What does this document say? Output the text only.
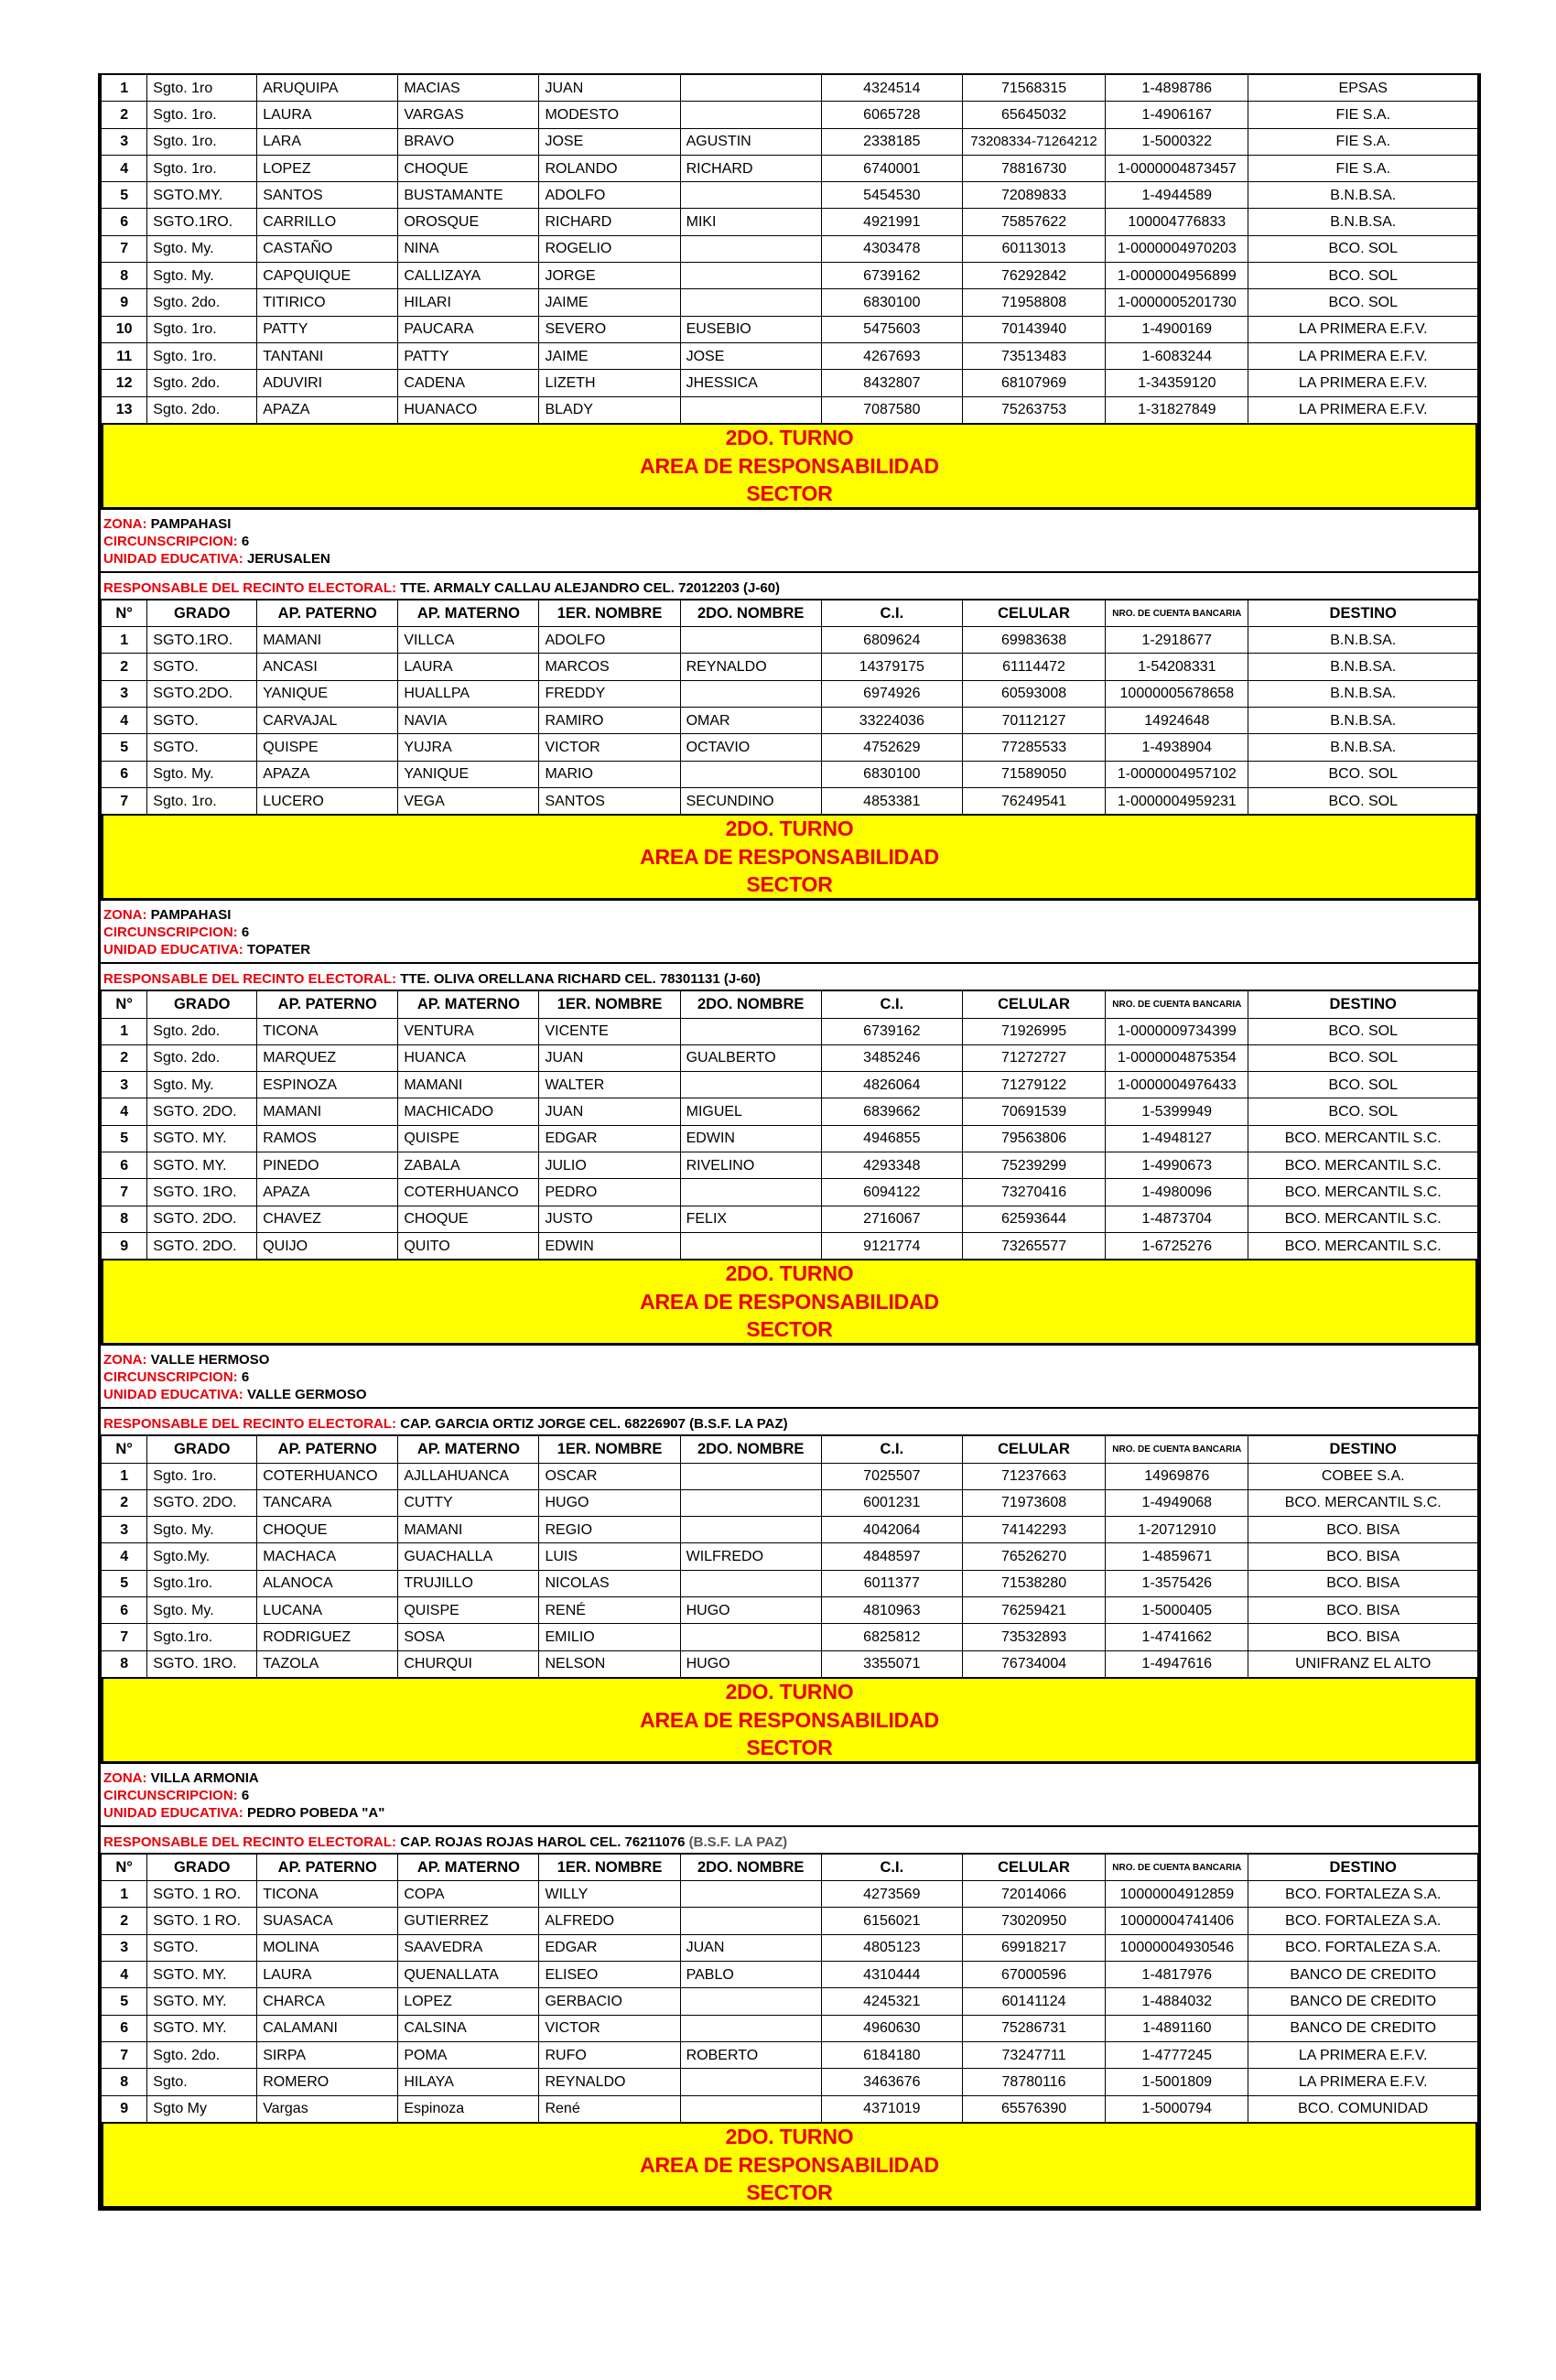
1	Sgto. 1ro	ARUQUIPA	MACIAS	JUAN		4324514	71568315	1-4898786	EPSAS
2	Sgto. 1ro.	LAURA	VARGAS	MODESTO		6065728	65645032	1-4906167	FIE S.A.
3	Sgto. 1ro.	LARA	BRAVO	JOSE	AGUSTIN	2338185	73208334-71264212	1-5000322	FIE S.A.
4	Sgto. 1ro.	LOPEZ	CHOQUE	ROLANDO	RICHARD	6740001	78816730	1-0000004873457	FIE S.A.
5	SGTO.MY.	SANTOS	BUSTAMANTE	ADOLFO		5454530	72089833	1-4944589	B.N.B.SA.
6	SGTO.1RO.	CARRILLO	OROSQUE	RICHARD	MIKI	4921991	75857622	100004776833	B.N.B.SA.
7	Sgto. My.	CASTAÑO	NINA	ROGELIO		4303478	60113013	1-0000004970203	BCO. SOL
8	Sgto. My.	CAPQUIQUE	CALLIZAYA	JORGE		6739162	76292842	1-0000004956899	BCO. SOL
9	Sgto. 2do.	TITIRICO	HILARI	JAIME		6830100	71958808	1-0000005201730	BCO. SOL
10	Sgto. 1ro.	PATTY	PAUCARA	SEVERO	EUSEBIO	5475603	70143940	1-4900169	LA PRIMERA E.F.V.
11	Sgto. 1ro.	TANTANI	PATTY	JAIME	JOSE	4267693	73513483	1-6083244	LA PRIMERA E.F.V.
12	Sgto. 2do.	ADUVIRI	CADENA	LIZETH	JHESSICA	8432807	68107969	1-34359120	LA PRIMERA E.F.V.
13	Sgto. 2do.	APAZA	HUANACO	BLADY		7087580	75263753	1-31827849	LA PRIMERA E.F.V.
2DO. TURNO
AREA DE RESPONSABILIDAD
SECTOR
ZONA: PAMPAHASI
CIRCUNSCRIPCION: 6
UNIDAD EDUCATIVA: JERUSALEN
RESPONSABLE DEL RECINTO ELECTORAL: TTE. ARMALY CALLAU ALEJANDRO CEL. 72012203 (J-60)
N°	GRADO	AP. PATERNO	AP. MATERNO	1ER. NOMBRE	2DO. NOMBRE	C.I.	CELULAR	NRO. DE CUENTA BANCARIA	DESTINO
1	SGTO.1RO.	MAMANI	VILLCA	ADOLFO		6809624	69983638	1-2918677	B.N.B.SA.
2	SGTO.	ANCASI	LAURA	MARCOS	REYNALDO	14379175	61114472	1-54208331	B.N.B.SA.
3	SGTO.2DO.	YANIQUE	HUALLPA	FREDDY		6974926	60593008	10000005678658	B.N.B.SA.
4	SGTO.	CARVAJAL	NAVIA	RAMIRO	OMAR	33224036	70112127	14924648	B.N.B.SA.
5	SGTO.	QUISPE	YUJRA	VICTOR	OCTAVIO	4752629	77285533	1-4938904	B.N.B.SA.
6	Sgto. My.	APAZA	YANIQUE	MARIO		6830100	71589050	1-0000004957102	BCO. SOL
7	Sgto. 1ro.	LUCERO	VEGA	SANTOS	SECUNDINO	4853381	76249541	1-0000004959231	BCO. SOL
2DO. TURNO
AREA DE RESPONSABILIDAD
SECTOR
ZONA: PAMPAHASI
CIRCUNSCRIPCION: 6
UNIDAD EDUCATIVA: TOPATER
RESPONSABLE DEL RECINTO ELECTORAL: TTE. OLIVA ORELLANA RICHARD CEL. 78301131 (J-60)
N°	GRADO	AP. PATERNO	AP. MATERNO	1ER. NOMBRE	2DO. NOMBRE	C.I.	CELULAR	NRO. DE CUENTA BANCARIA	DESTINO
1	Sgto. 2do.	TICONA	VENTURA	VICENTE		6739162	71926995	1-0000009734399	BCO. SOL
2	Sgto. 2do.	MARQUEZ	HUANCA	JUAN	GUALBERTO	3485246	71272727	1-0000004875354	BCO. SOL
3	Sgto. My.	ESPINOZA	MAMANI	WALTER		4826064	71279122	1-0000004976433	BCO. SOL
4	SGTO. 2DO.	MAMANI	MACHICADO	JUAN	MIGUEL	6839662	70691539	1-5399949	BCO. SOL
5	SGTO. MY.	RAMOS	QUISPE	EDGAR	EDWIN	4946855	79563806	1-4948127	BCO. MERCANTIL S.C.
6	SGTO. MY.	PINEDO	ZABALA	JULIO	RIVELINO	4293348	75239299	1-4990673	BCO. MERCANTIL S.C.
7	SGTO. 1RO.	APAZA	COTERHUANCO	PEDRO		6094122	73270416	1-4980096	BCO. MERCANTIL S.C.
8	SGTO. 2DO.	CHAVEZ	CHOQUE	JUSTO	FELIX	2716067	62593644	1-4873704	BCO. MERCANTIL S.C.
9	SGTO. 2DO.	QUIJO	QUITO	EDWIN		9121774	73265577	1-6725276	BCO. MERCANTIL S.C.
2DO. TURNO
AREA DE RESPONSABILIDAD
SECTOR
ZONA: VALLE HERMOSO
CIRCUNSCRIPCION: 6
UNIDAD EDUCATIVA: VALLE GERMOSO
RESPONSABLE DEL RECINTO ELECTORAL: CAP. GARCIA ORTIZ JORGE CEL. 68226907 (B.S.F. LA PAZ)
N°	GRADO	AP. PATERNO	AP. MATERNO	1ER. NOMBRE	2DO. NOMBRE	C.I.	CELULAR	NRO. DE CUENTA BANCARIA	DESTINO
1	Sgto. 1ro.	COTERHUANCO	AJLLAHUANCA	OSCAR		7025507	71237663	14969876	COBEE S.A.
2	SGTO. 2DO.	TANCARA	CUTTY	HUGO		6001231	71973608	1-4949068	BCO. MERCANTIL S.C.
3	Sgto. My.	CHOQUE	MAMANI	REGIO		4042064	74142293	1-20712910	BCO. BISA
4	Sgto.My.	MACHACA	GUACHALLA	LUIS	WILFREDO	4848597	76526270	1-4859671	BCO. BISA
5	Sgto.1ro.	ALANOCA	TRUJILLO	NICOLAS		6011377	71538280	1-3575426	BCO. BISA
6	Sgto. My.	LUCANA	QUISPE	RENÉ	HUGO	4810963	76259421	1-5000405	BCO. BISA
7	Sgto.1ro.	RODRIGUEZ	SOSA	EMILIO		6825812	73532893	1-4741662	BCO. BISA
8	SGTO. 1RO.	TAZOLA	CHURQUI	NELSON	HUGO	3355071	76734004	1-4947616	UNIFRANZ EL ALTO
2DO. TURNO
AREA DE RESPONSABILIDAD
SECTOR
ZONA: VILLA ARMONIA
CIRCUNSCRIPCION: 6
UNIDAD EDUCATIVA: PEDRO POBEDA "A"
RESPONSABLE DEL RECINTO ELECTORAL: CAP. ROJAS ROJAS HAROL CEL. 76211076 (B.S.F. LA PAZ)
N°	GRADO	AP. PATERNO	AP. MATERNO	1ER. NOMBRE	2DO. NOMBRE	C.I.	CELULAR	NRO. DE CUENTA BANCARIA	DESTINO
1	SGTO. 1 RO.	TICONA	COPA	WILLY		4273569	72014066	10000004912859	BCO. FORTALEZA S.A.
2	SGTO. 1 RO.	SUASACA	GUTIERREZ	ALFREDO		6156021	73020950	10000004741406	BCO. FORTALEZA S.A.
3	SGTO.	MOLINA	SAAVEDRA	EDGAR	JUAN	4805123	69918217	10000004930546	BCO. FORTALEZA S.A.
4	SGTO. MY.	LAURA	QUENALLATA	ELISEO	PABLO	4310444	67000596	1-4817976	BANCO DE CREDITO
5	SGTO. MY.	CHARCA	LOPEZ	GERBACIO		4245321	60141124	1-4884032	BANCO DE CREDITO
6	SGTO. MY.	CALAMANI	CALSINA	VICTOR		4960630	75286731	1-4891160	BANCO DE CREDITO
7	Sgto. 2do.	SIRPA	POMA	RUFO	ROBERTO	6184180	73247711	1-4777245	LA PRIMERA E.F.V.
8	Sgto.	ROMERO	HILAYA	REYNALDO		3463676	78780116	1-5001809	LA PRIMERA E.F.V.
9	Sgto My	Vargas	Espinoza	René		4371019	65576390	1-5000794	BCO. COMUNIDAD
2DO. TURNO
AREA DE RESPONSABILIDAD
SECTOR
